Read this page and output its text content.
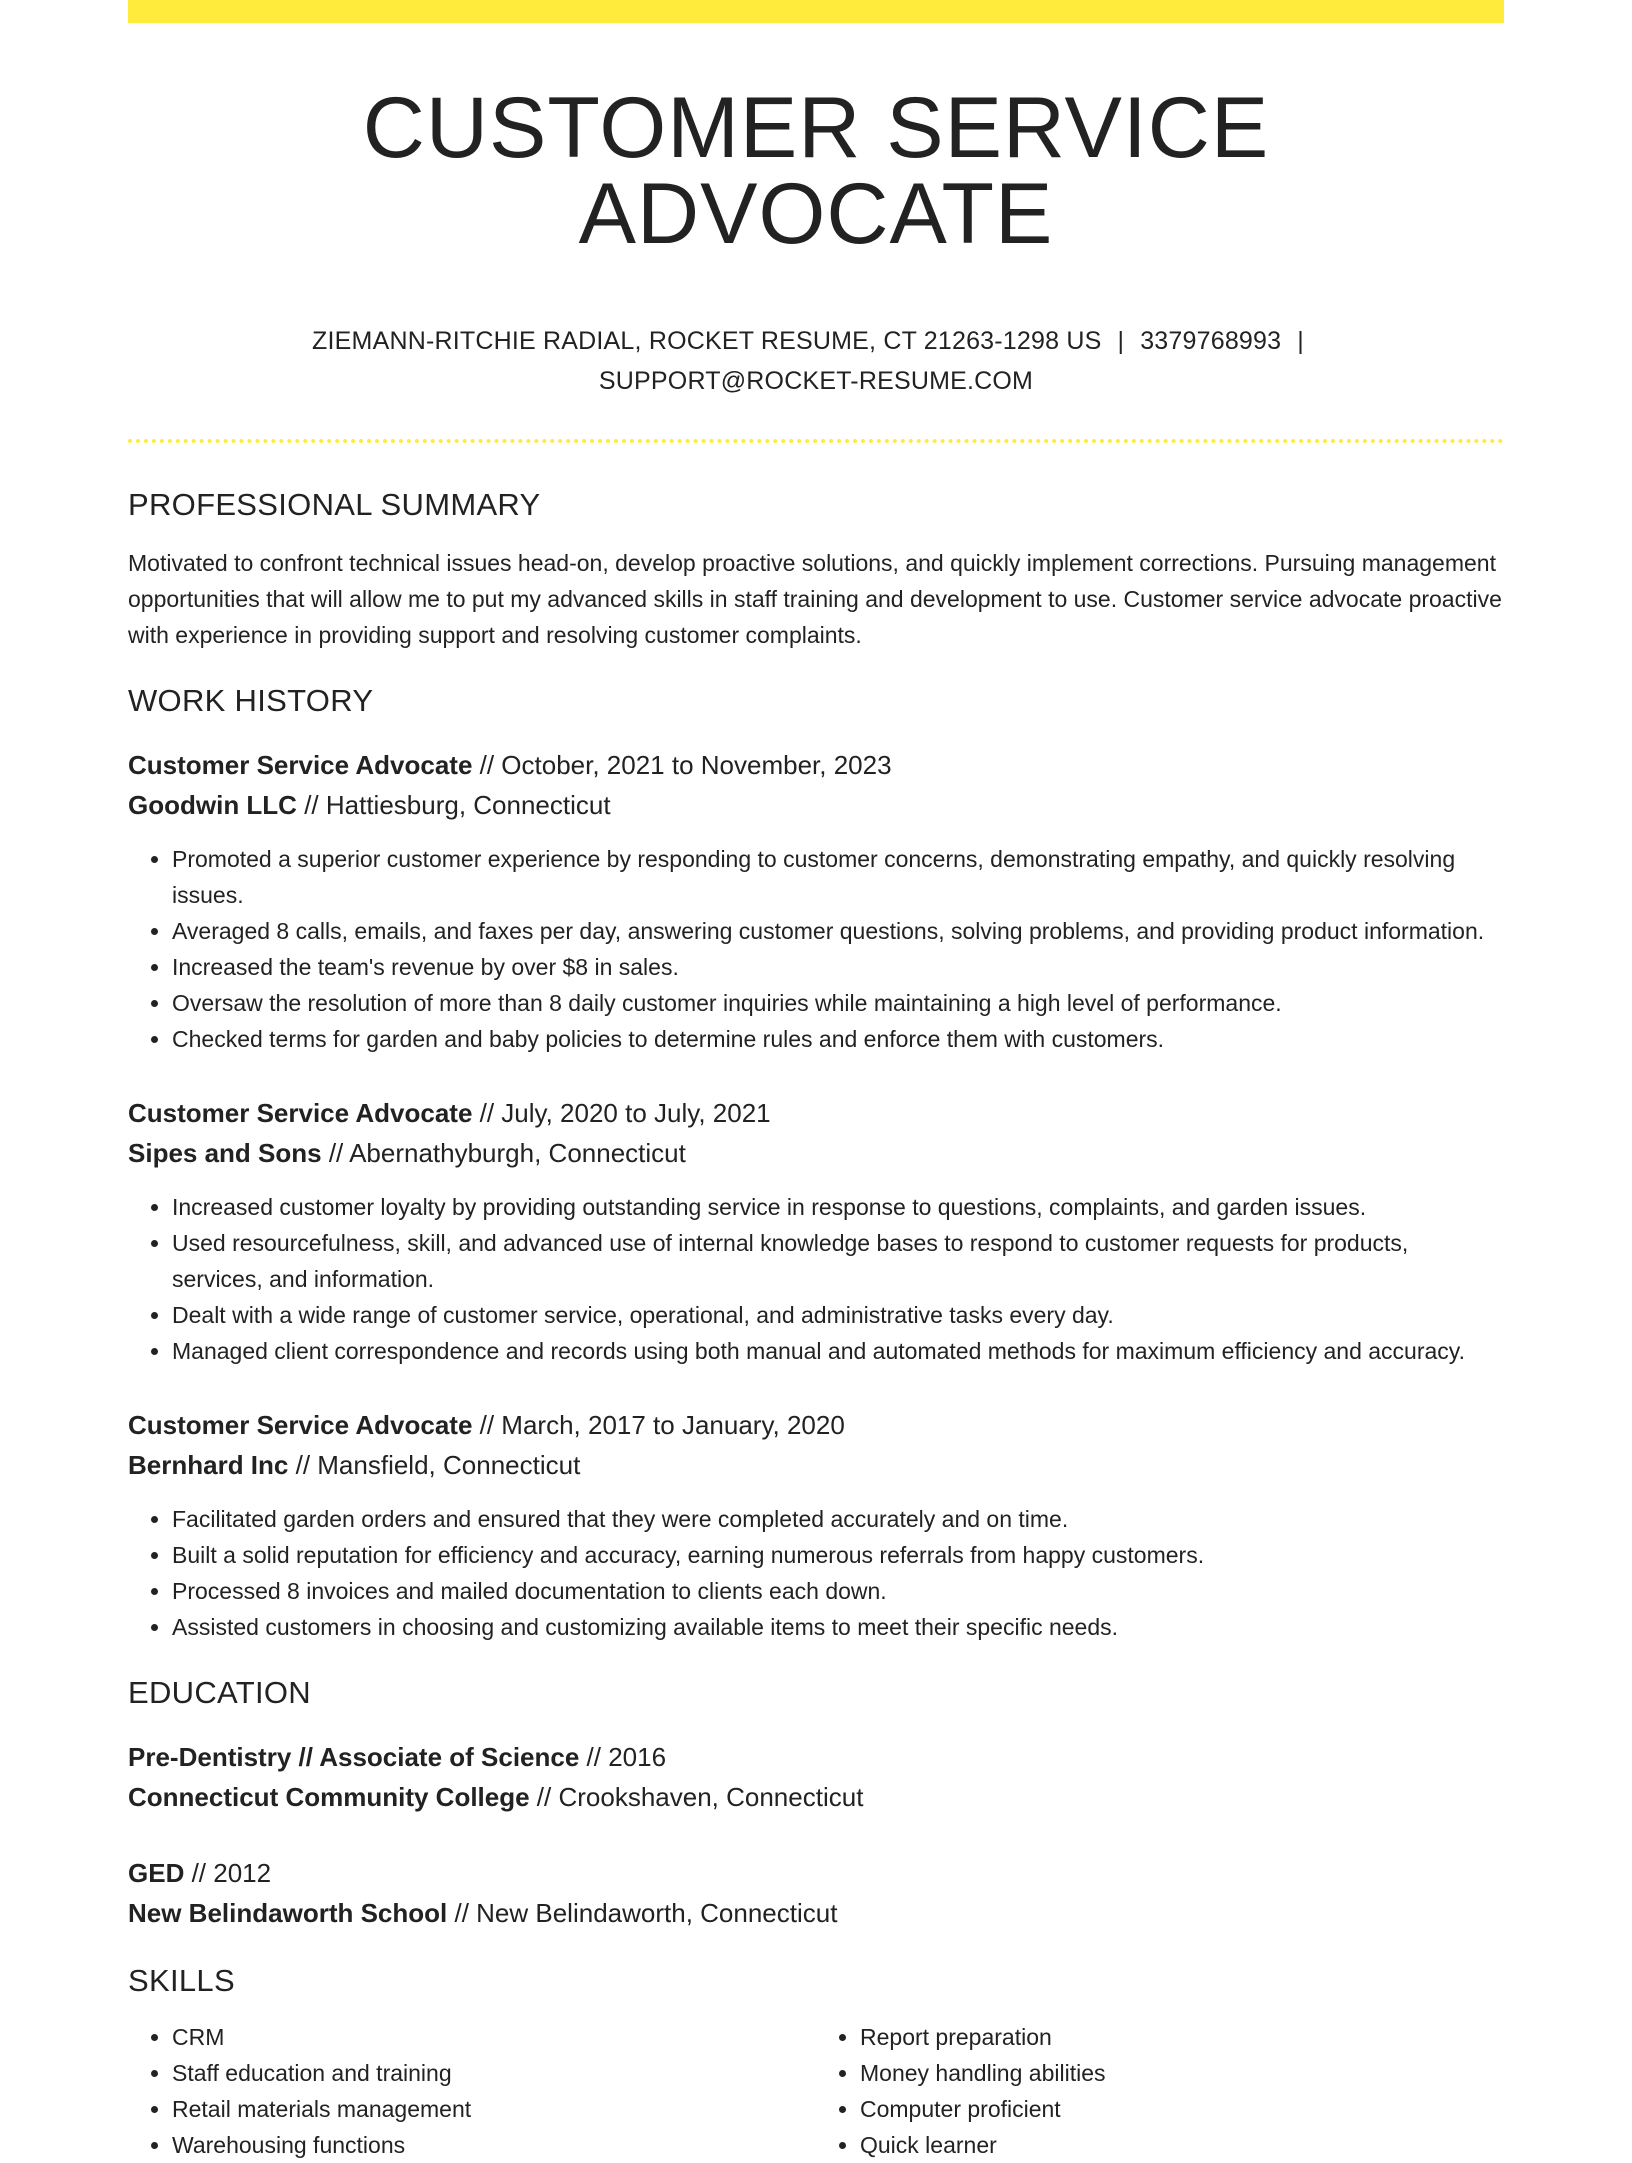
CUSTOMER SERVICE ADVOCATE
ZIEMANN-RITCHIE RADIAL, ROCKET RESUME, CT 21263-1298 US | 3379768993 |
SUPPORT@ROCKET-RESUME.COM
PROFESSIONAL SUMMARY
Motivated to confront technical issues head-on, develop proactive solutions, and quickly implement corrections. Pursuing management opportunities that will allow me to put my advanced skills in staff training and development to use. Customer service advocate proactive with experience in providing support and resolving customer complaints.
WORK HISTORY
Customer Service Advocate // October, 2021 to November, 2023
Goodwin LLC // Hattiesburg, Connecticut
• Promoted a superior customer experience by responding to customer concerns, demonstrating empathy, and quickly resolving issues.
• Averaged 8 calls, emails, and faxes per day, answering customer questions, solving problems, and providing product information.
• Increased the team's revenue by over $8 in sales.
• Oversaw the resolution of more than 8 daily customer inquiries while maintaining a high level of performance.
• Checked terms for garden and baby policies to determine rules and enforce them with customers.
Customer Service Advocate // July, 2020 to July, 2021
Sipes and Sons // Abernathyburgh, Connecticut
• Increased customer loyalty by providing outstanding service in response to questions, complaints, and garden issues.
• Used resourcefulness, skill, and advanced use of internal knowledge bases to respond to customer requests for products, services, and information.
• Dealt with a wide range of customer service, operational, and administrative tasks every day.
• Managed client correspondence and records using both manual and automated methods for maximum efficiency and accuracy.
Customer Service Advocate // March, 2017 to January, 2020
Bernhard Inc // Mansfield, Connecticut
• Facilitated garden orders and ensured that they were completed accurately and on time.
• Built a solid reputation for efficiency and accuracy, earning numerous referrals from happy customers.
• Processed 8 invoices and mailed documentation to clients each down.
• Assisted customers in choosing and customizing available items to meet their specific needs.
EDUCATION
Pre-Dentistry // Associate of Science // 2016
Connecticut Community College // Crookshaven, Connecticut
GED // 2012
New Belindaworth School // New Belindaworth, Connecticut
SKILLS
• CRM
• Staff education and training
• Retail materials management
• Warehousing functions
• Report preparation
• Money handling abilities
• Computer proficient
• Quick learner
